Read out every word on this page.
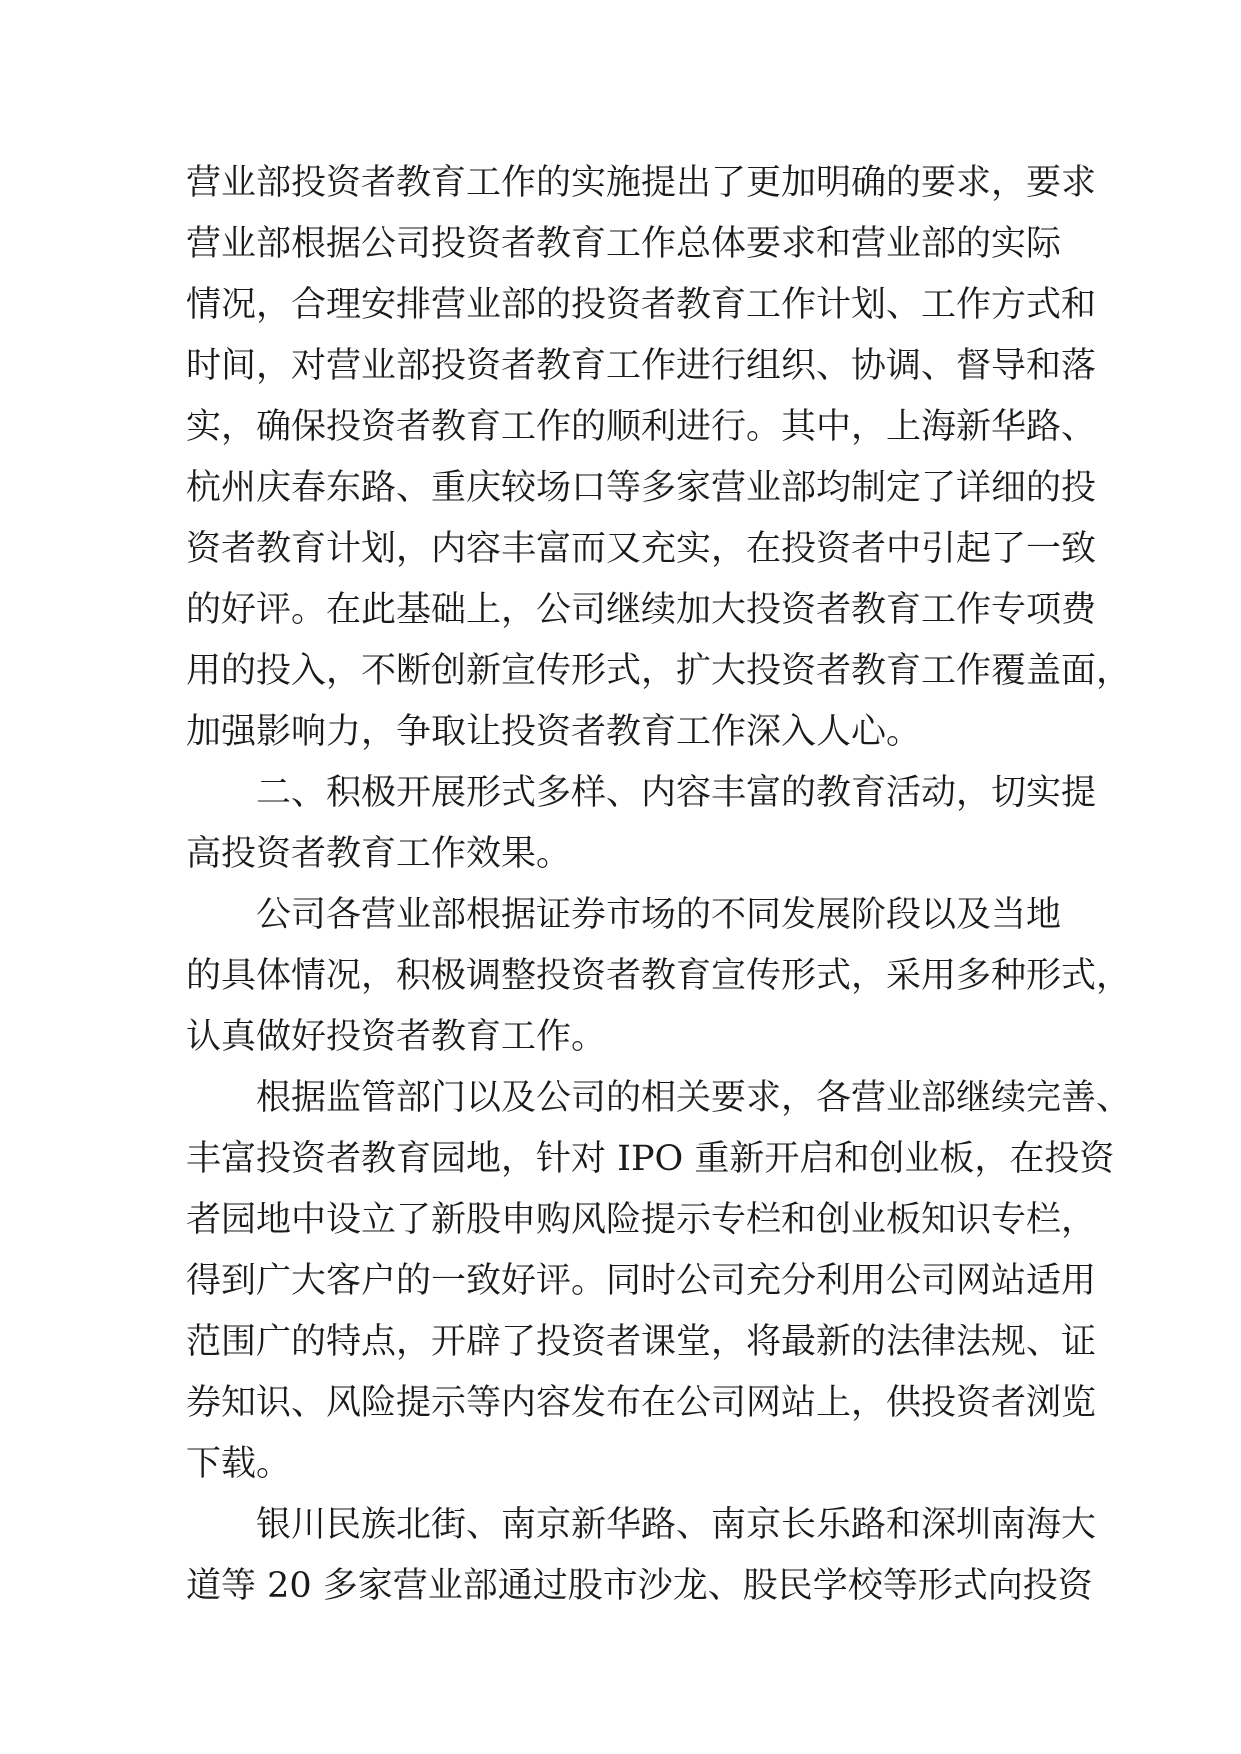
营业部投资者教育工作的实施提出了更加明确的要求，要求
营业部根据公司投资者教育工作总体要求和营业部的实际
情况，合理安排营业部的投资者教育工作计划、工作方式和
时间，对营业部投资者教育工作进行组织、协调、督导和落
实，确保投资者教育工作的顺利进行。其中，上海新华路、
杭州庆春东路、重庆较场口等多家营业部均制定了详细的投
资者教育计划，内容丰富而又充实，在投资者中引起了一致
的好评。在此基础上，公司继续加大投资者教育工作专项费
用的投入，不断创新宣传形式，扩大投资者教育工作覆盖面，
加强影响力，争取让投资者教育工作深入人心。
二、积极开展形式多样、内容丰富的教育活动，切实提
高投资者教育工作效果。
公司各营业部根据证券市场的不同发展阶段以及当地
的具体情况，积极调整投资者教育宣传形式，采用多种形式，
认真做好投资者教育工作。
根据监管部门以及公司的相关要求，各营业部继续完善、
丰富投资者教育园地，针对 IPO 重新开启和创业板，在投资
者园地中设立了新股申购风险提示专栏和创业板知识专栏，
得到广大客户的一致好评。同时公司充分利用公司网站适用
范围广的特点，开辟了投资者课堂，将最新的法律法规、证
券知识、风险提示等内容发布在公司网站上，供投资者浏览
下载。
银川民族北街、南京新华路、南京长乐路和深圳南海大
道等 20 多家营业部通过股市沙龙、股民学校等形式向投资
